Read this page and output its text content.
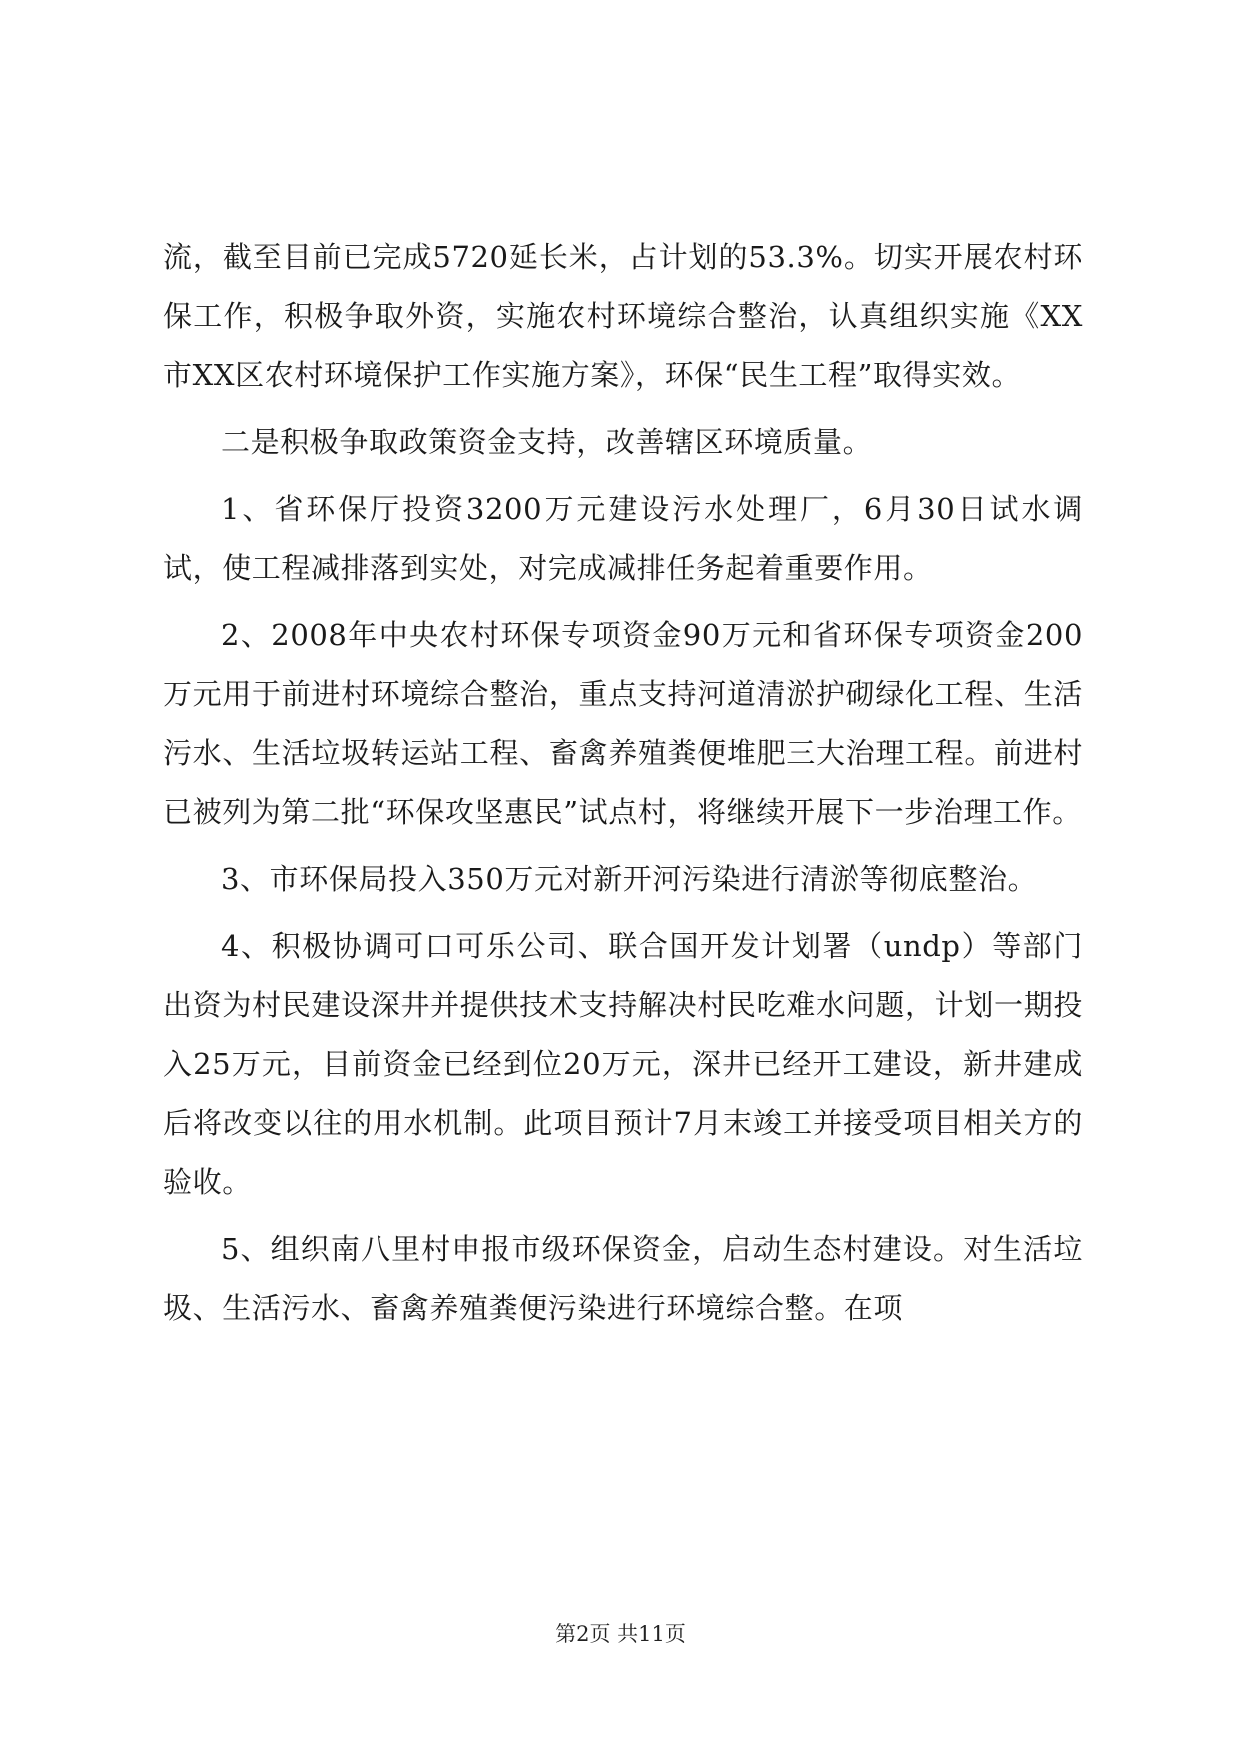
流，截至目前已完成5720延长米，占计划的53.3%。切实开展农村环保工作，积极争取外资，实施农村环境综合整治，认真组织实施《XX市XX区农村环境保护工作实施方案》，环保“民生工程”取得实效。

二是积极争取政策资金支持，改善辖区环境质量。

1、省环保厅投资3200万元建设污水处理厂，6月30日试水调试，使工程减排落到实处，对完成减排任务起着重要作用。

2、2008年中央农村环保专项资金90万元和省环保专项资金200万元用于前进村环境综合整治，重点支持河道清淤护砌绿化工程、生活污水、生活垃圾转运站工程、畜禽养殖粪便堆肥三大治理工程。前进村已被列为第二批“环保攻坚惠民”试点村，将继续开展下一步治理工作。

3、市环保局投入350万元对新开河污染进行清淤等彻底整治。

4、积极协调可口可乐公司、联合国开发计划署（undp）等部门出资为村民建设深井并提供技术支持解决村民吃难水问题，计划一期投入25万元，目前资金已经到位20万元，深井已经开工建设，新井建成后将改变以往的用水机制。此项目预计7月末竣工并接受项目相关方的验收。

5、组织南八里村申报市级环保资金，启动生态村建设。对生活垃圾、生活污水、畜禽养殖粪便污染进行环境综合整。在项

第2页 共11页
